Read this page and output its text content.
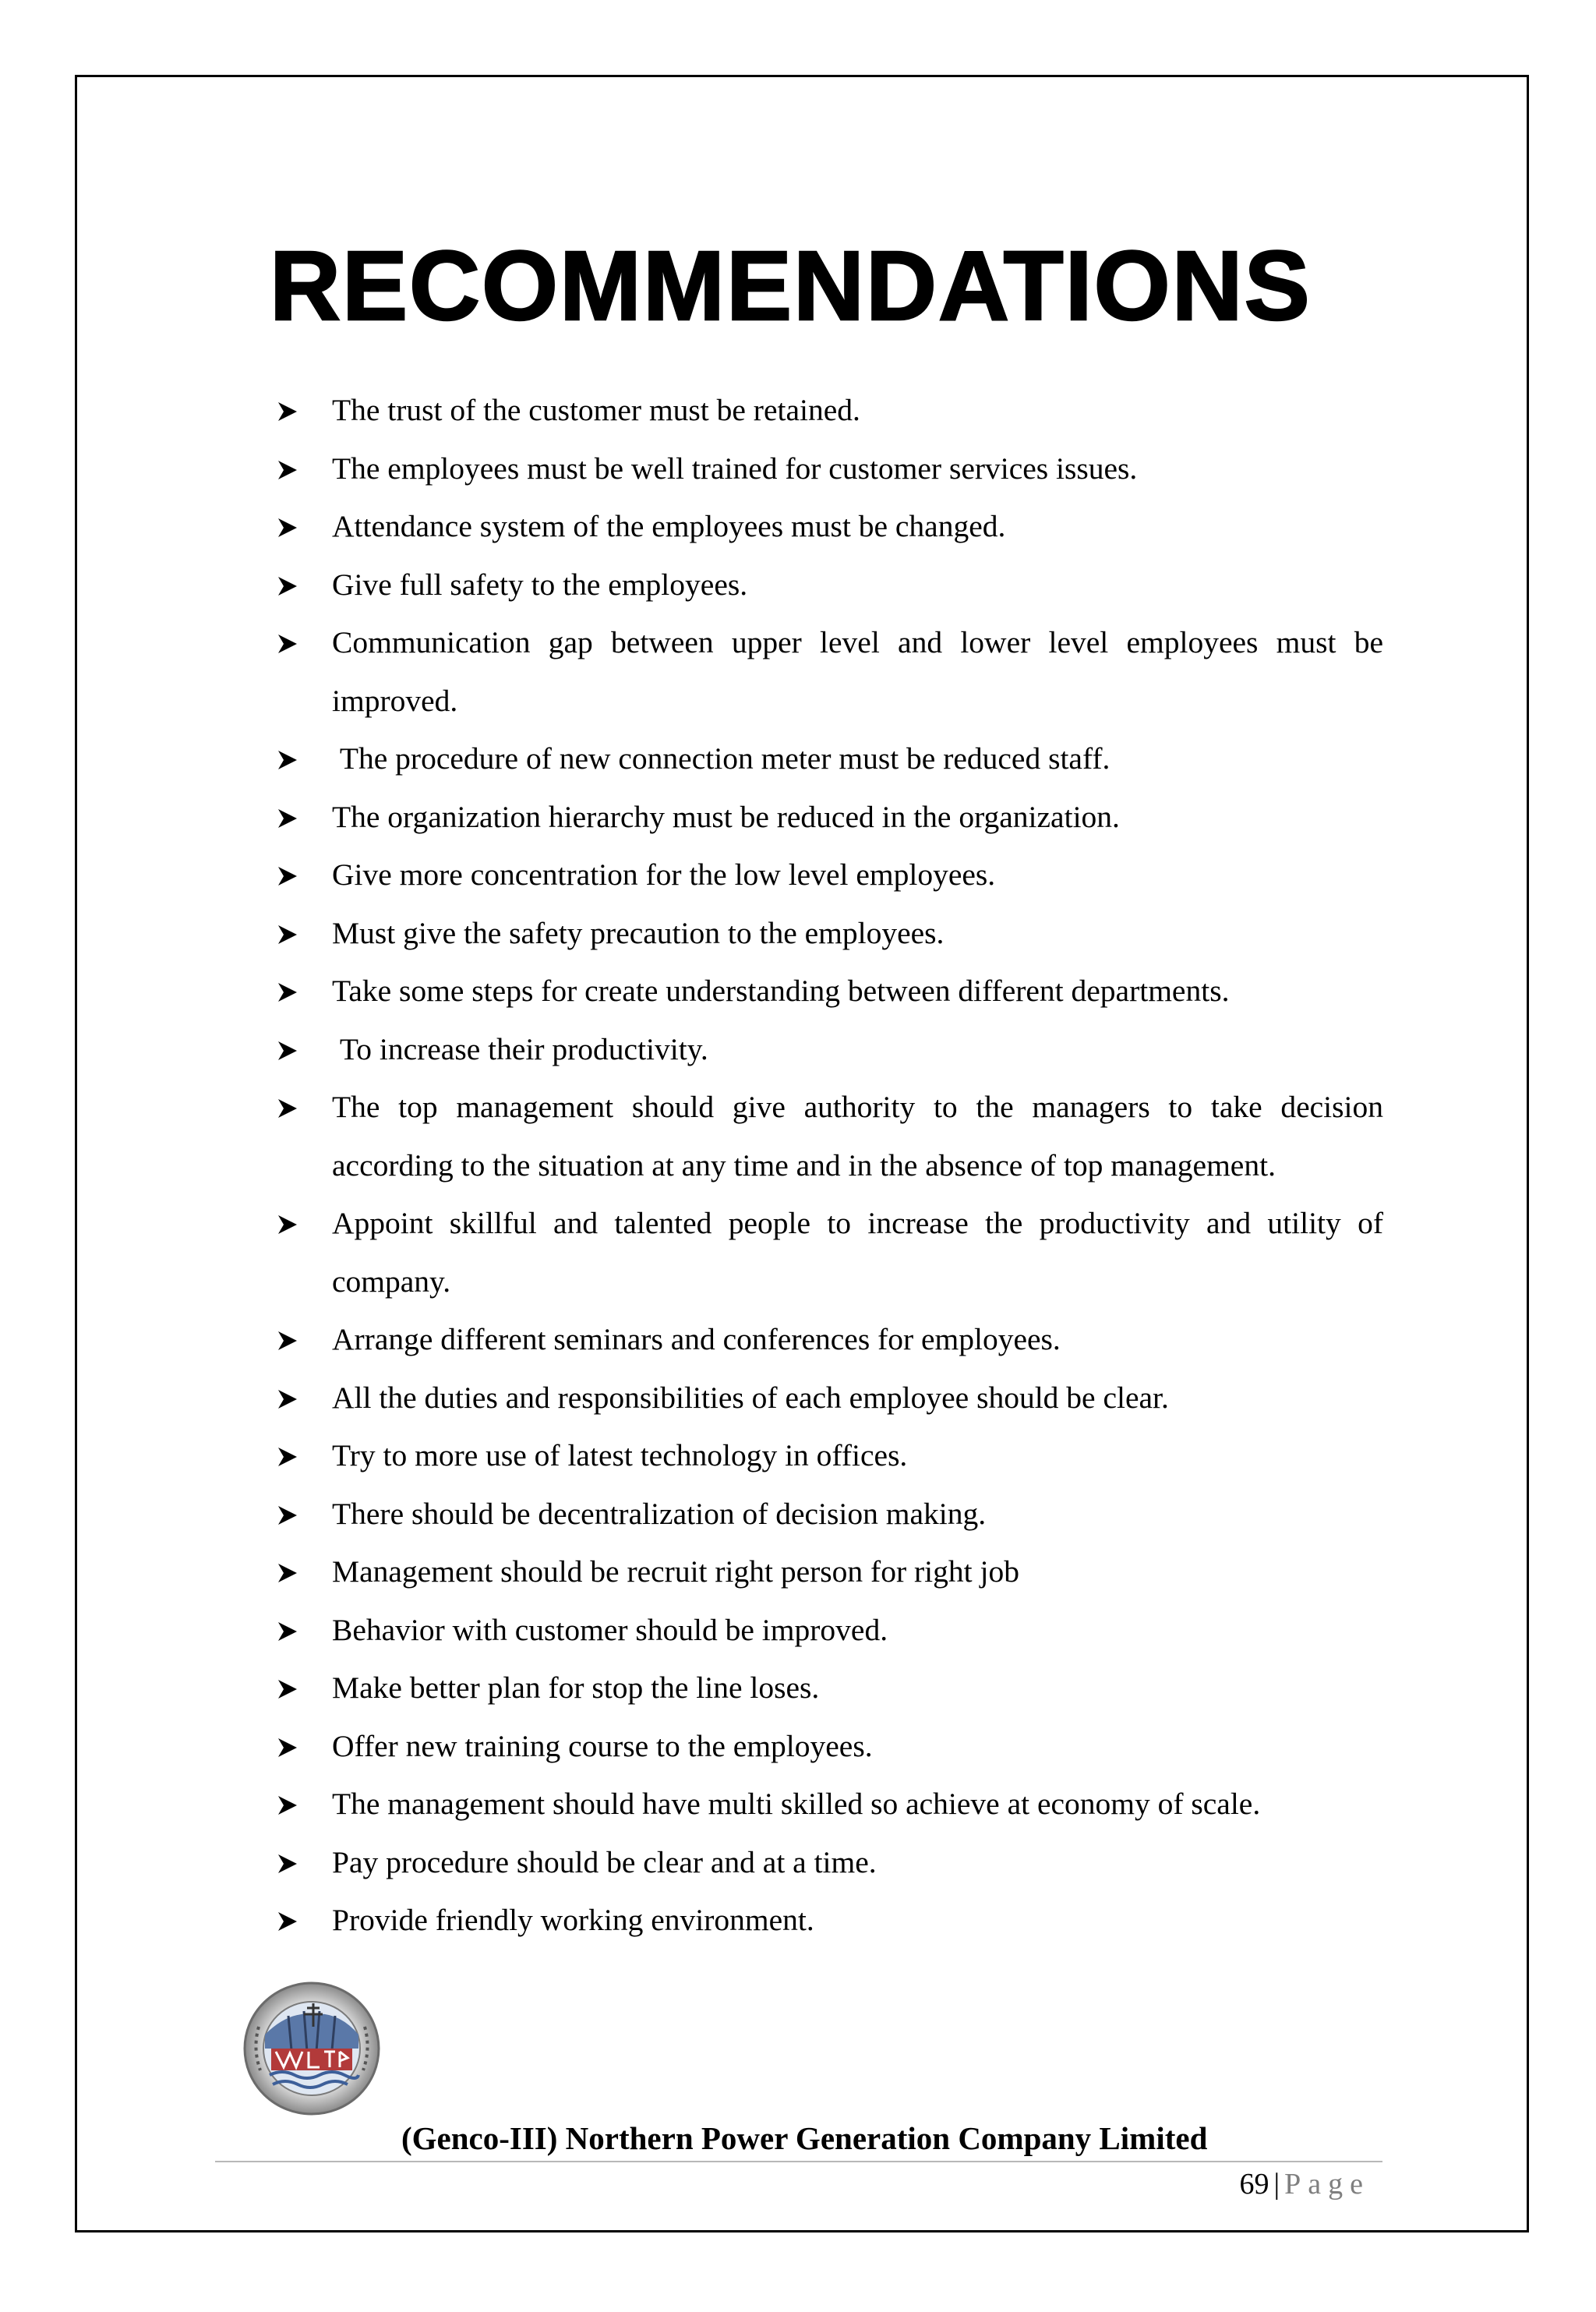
RECOMMENDATIONS
The trust of the customer must be retained.
The employees must be well trained for customer services issues.
Attendance system of the employees must be changed.
Give full safety to the employees.
Communication gap between upper level and lower level employees must be improved.
The procedure of new connection meter must be reduced staff.
The organization hierarchy must be reduced in the organization.
Give more concentration for the low level employees.
Must give the safety precaution to the employees.
Take some steps for create understanding between different departments.
To increase their productivity.
The top management should give authority to the managers to take decision according to the situation at any time and in the absence of top management.
Appoint skillful and talented people to increase the productivity and utility of company.
Arrange different seminars and conferences for employees.
All the duties and responsibilities of each employee should be clear.
Try to more use of latest technology in offices.
There should be decentralization of decision making.
Management should be recruit right person for right job
Behavior with customer should be improved.
Make better plan for stop the line loses.
Offer new training course to the employees.
The management should have multi skilled so achieve at economy of scale.
Pay procedure should be clear and at a time.
Provide friendly working environment.
(Genco-III) Northern Power Generation Company Limited
69 | Page
